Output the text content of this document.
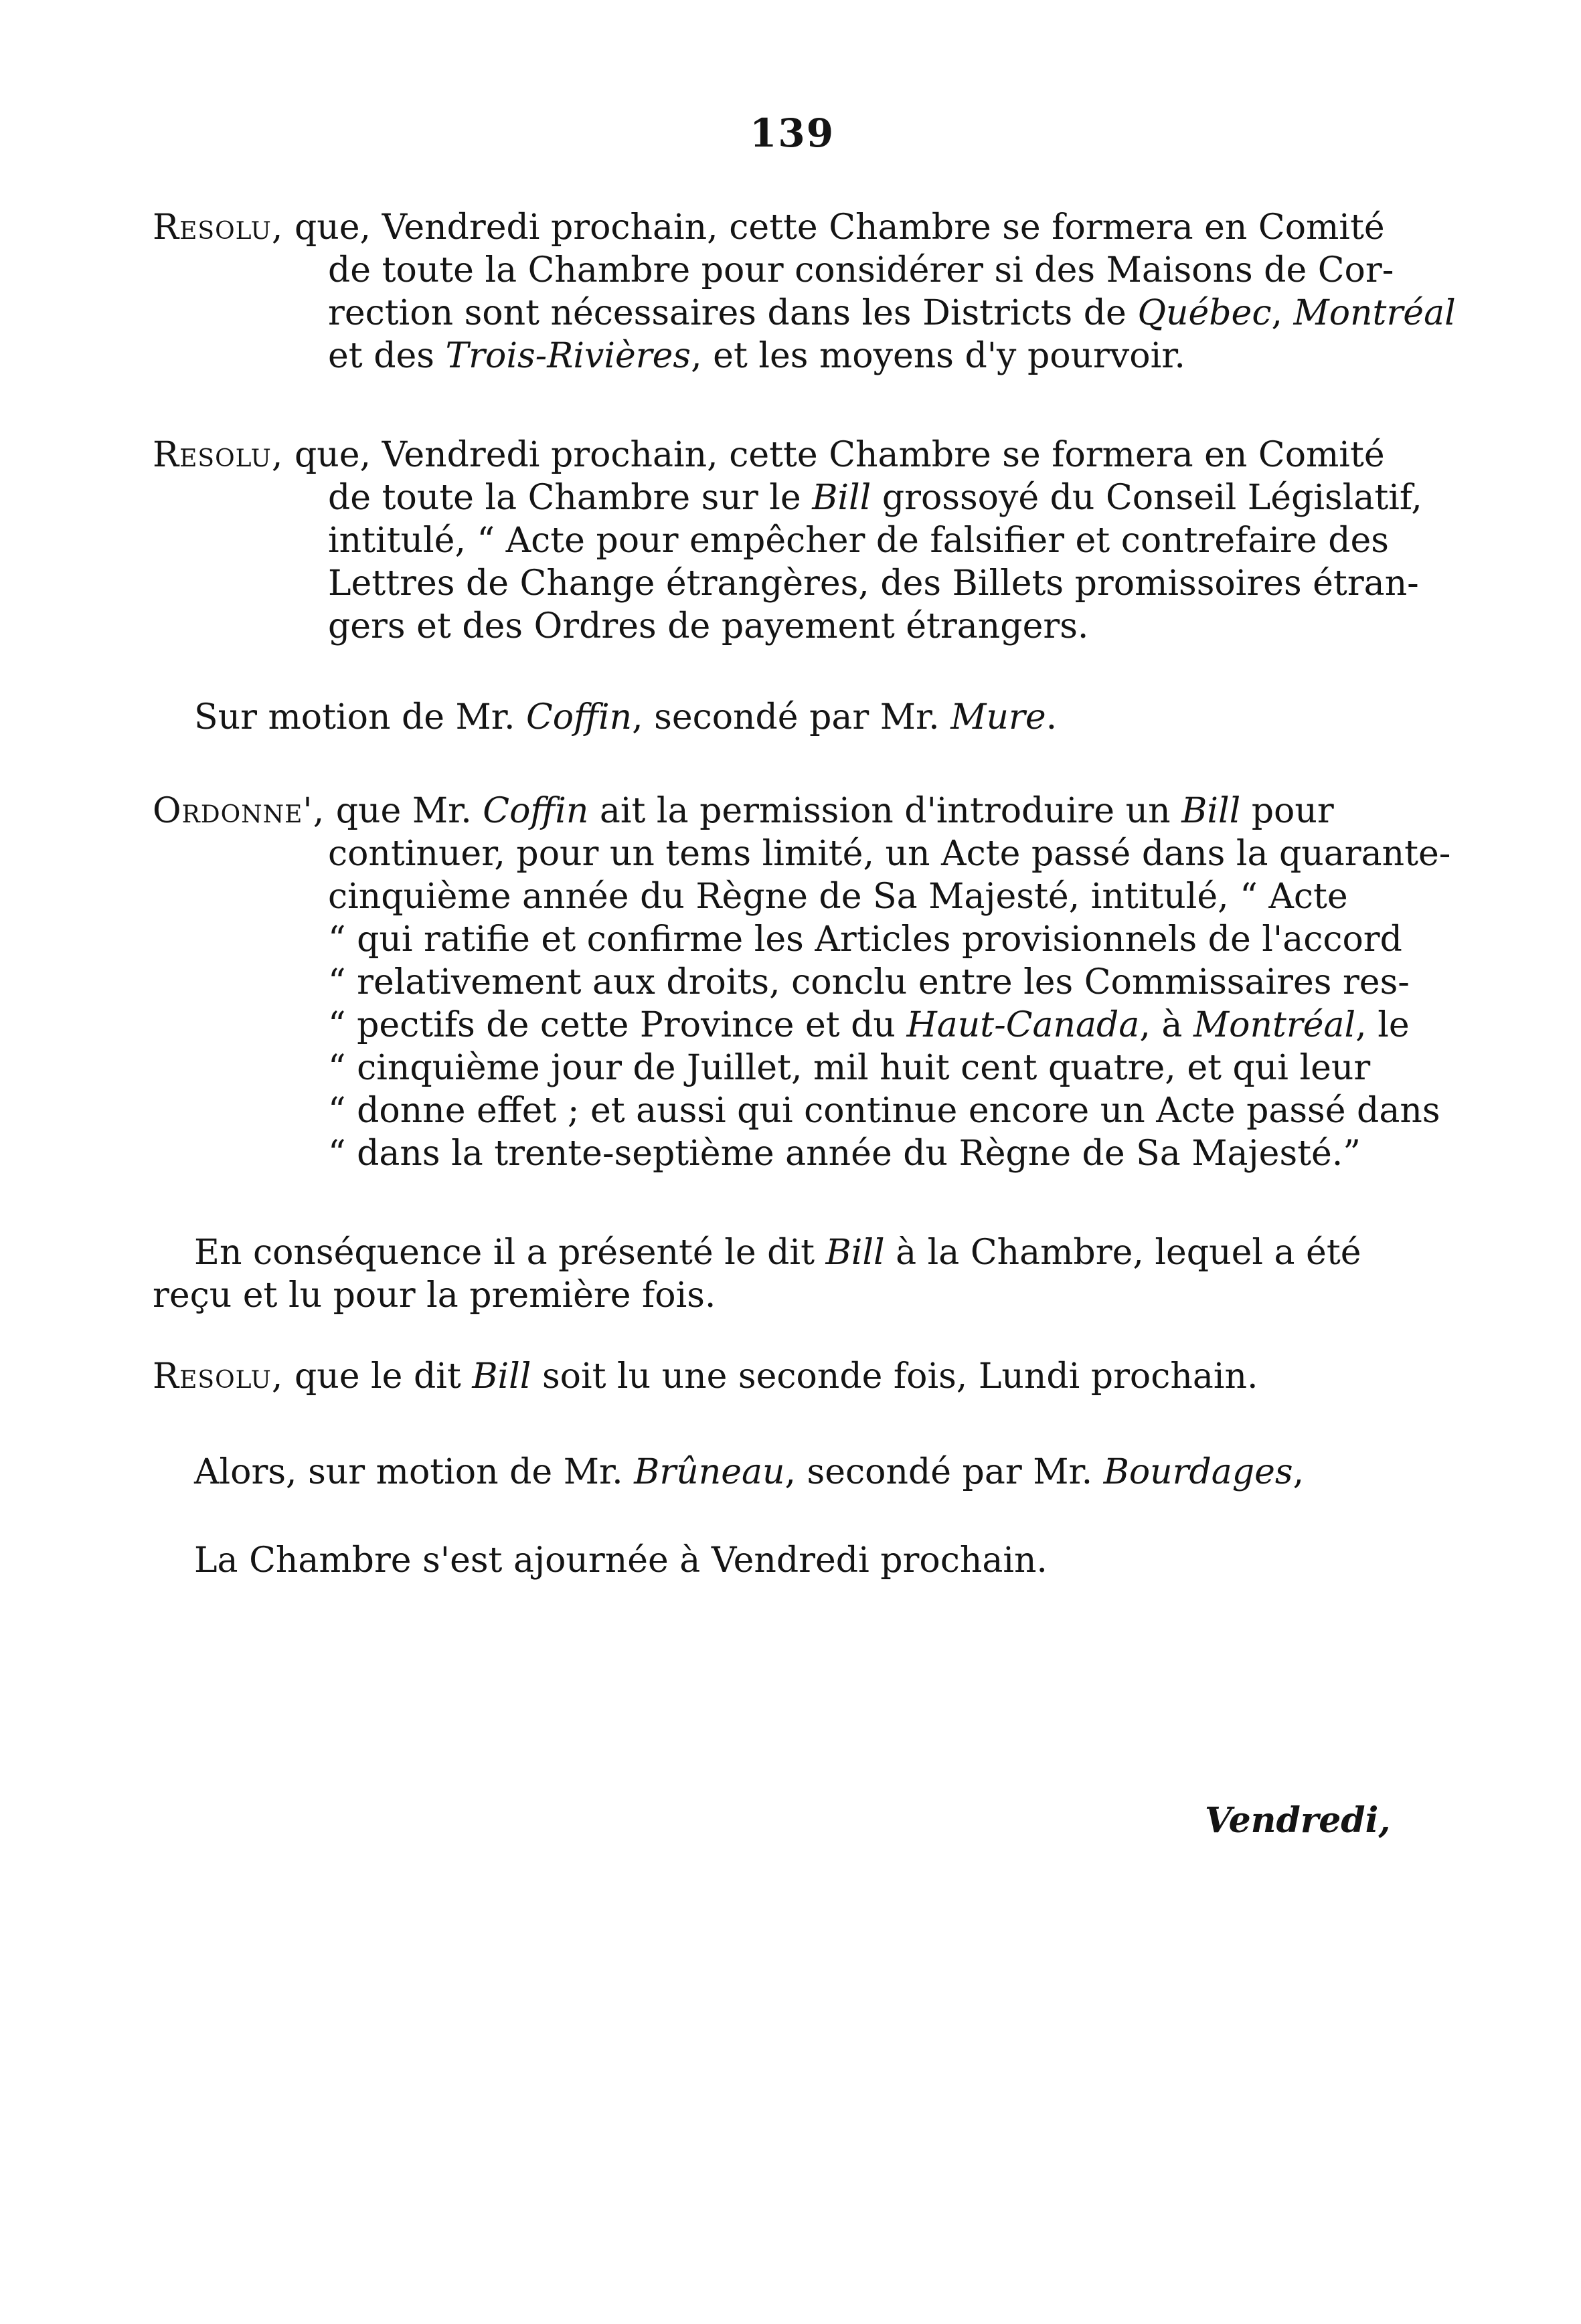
139
Resolu, que, Vendredi prochain, cette Chambre se formera en Comité
de toute la Chambre pour considérer si des Maisons de Cor-
rection sont nécessaires dans les Districts de Québec, Montréal
et des Trois-Rivières, et les moyens d'y pourvoir.
Resolu, que, Vendredi prochain, cette Chambre se formera en Comité
de toute la Chambre sur le Bill grossoyé du Conseil Législatif,
intitulé, “ Acte pour empêcher de falsifier et contrefaire des
Lettres de Change étrangères, des Billets promissoires étran-
gers et des Ordres de payement étrangers.
Sur motion de Mr. Coffin, secondé par Mr. Mure.
Ordonne', que Mr. Coffin ait la permission d'introduire un Bill pour
continuer, pour un tems limité, un Acte passé dans la quarante-
cinquième année du Règne de Sa Majesté, intitulé, “ Acte
“ qui ratifie et confirme les Articles provisionnels de l'accord
“ relativement aux droits, conclu entre les Commissaires res-
“ pectifs de cette Province et du Haut-Canada, à Montréal, le
“ cinquième jour de Juillet, mil huit cent quatre, et qui leur
“ donne effet ; et aussi qui continue encore un Acte passé dans
“ dans la trente-septième année du Règne de Sa Majesté.”
En conséquence il a présenté le dit Bill à la Chambre, lequel a été
reçu et lu pour la première fois.
Resolu, que le dit Bill soit lu une seconde fois, Lundi prochain.
Alors, sur motion de Mr. Brûneau, secondé par Mr. Bourdages,
La Chambre s'est ajournée à Vendredi prochain.
Vendredi,
